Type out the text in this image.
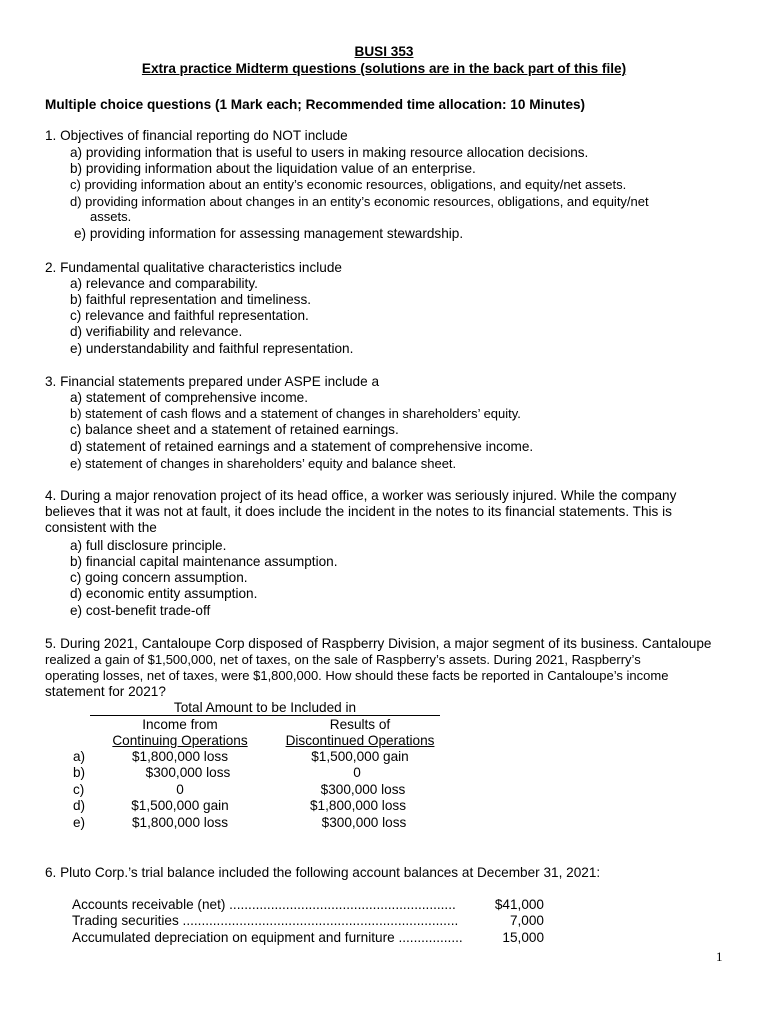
BUSI 353
Extra practice Midterm questions (solutions are in the back part of this file)
Multiple choice questions (1 Mark each; Recommended time allocation: 10 Minutes)
1. Objectives of financial reporting do NOT include
a) providing information that is useful to users in making resource allocation decisions.
b) providing information about the liquidation value of an enterprise.
c) providing information about an entity’s economic resources, obligations, and equity/net assets.
d) providing information about changes in an entity’s economic resources, obligations, and equity/net
assets.
e) providing information for assessing management stewardship.
2. Fundamental qualitative characteristics include
a) relevance and comparability.
b) faithful representation and timeliness.
c) relevance and faithful representation.
d) verifiability and relevance.
e) understandability and faithful representation.
3. Financial statements prepared under ASPE include a
a) statement of comprehensive income.
b) statement of cash flows and a statement of changes in shareholders’ equity.
c) balance sheet and a statement of retained earnings.
d) statement of retained earnings and a statement of comprehensive income.
e) statement of changes in shareholders’ equity and balance sheet.
4. During a major renovation project of its head office, a worker was seriously injured. While the company
believes that it was not at fault, it does include the incident in the notes to its financial statements. This is
consistent with the
a) full disclosure principle.
b) financial capital maintenance assumption.
c) going concern assumption.
d) economic entity assumption.
e) cost-benefit trade-off
5. During 2021, Cantaloupe Corp disposed of Raspberry Division, a major segment of its business. Cantaloupe
realized a gain of $1,500,000, net of taxes, on the sale of Raspberry’s assets. During 2021, Raspberry’s
operating losses, net of taxes, were $1,800,000. How should these facts be reported in Cantaloupe’s income
statement for 2021?
Total Amount to be Included in
Income from
Continuing Operations
Results of
Discontinued Operations
a)	$1,800,000 loss	$1,500,000 gain
b)	$300,000 loss	0
c)	0	$300,000 loss
d)	$1,500,000 gain	$1,800,000 loss
e)	$1,800,000 loss	$300,000 loss
6. Pluto Corp.’s trial balance included the following account balances at December 31, 2021:
Accounts receivable (net) ............................................................	$41,000
Trading securities .........................................................................	7,000
Accumulated depreciation on equipment and furniture .................	15,000
1
